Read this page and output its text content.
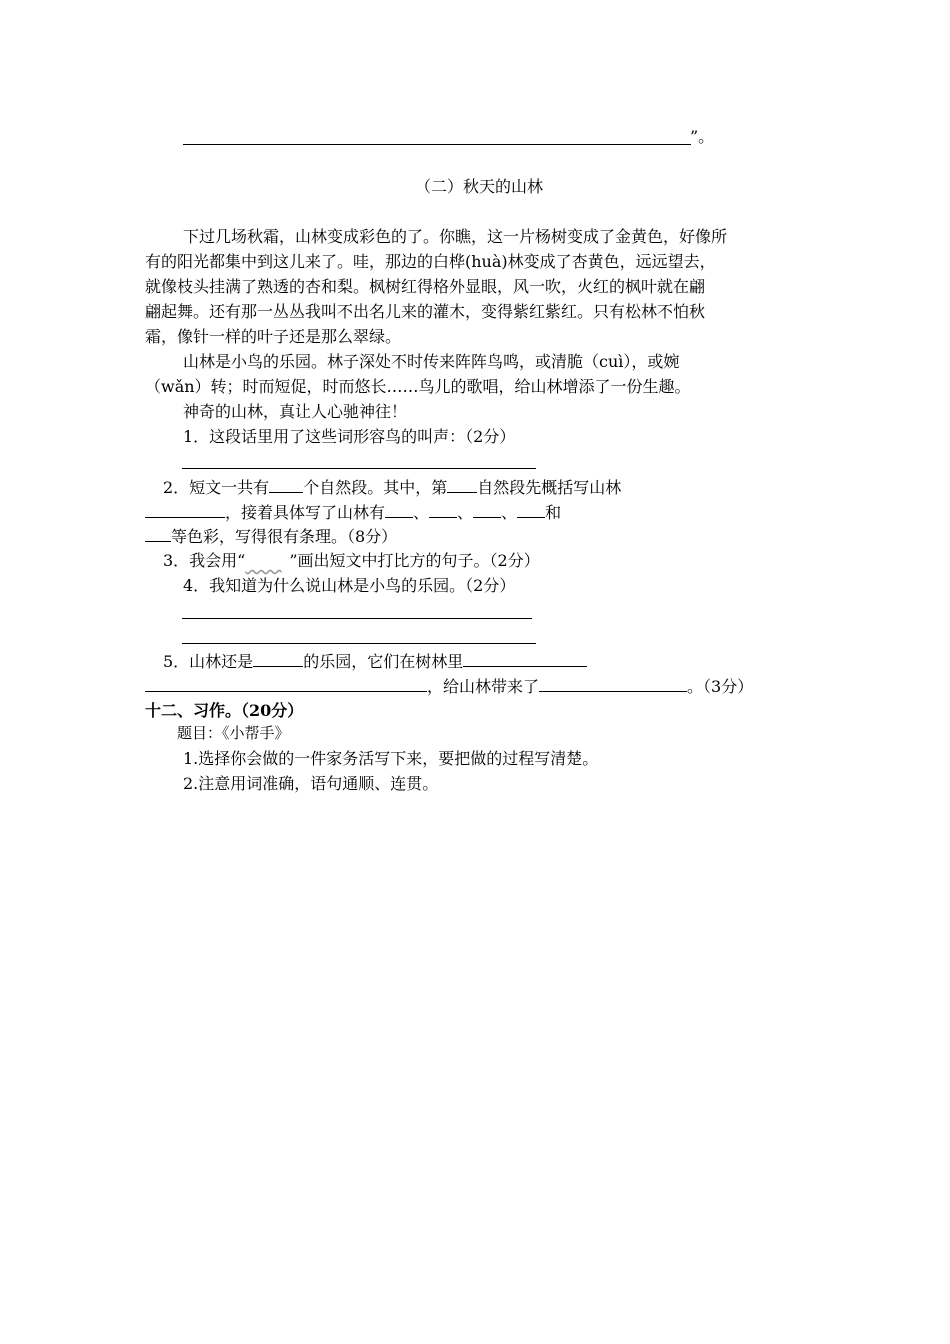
”。
（二）秋天的山林
下过几场秋霜，山林变成彩色的了。你瞧，这一片杨树变成了金黄色，好像所
有的阳光都集中到这儿来了。哇，那边的白桦(huà)林变成了杏黄色，远远望去，
就像枝头挂满了熟透的杏和梨。枫树红得格外显眼，风一吹，火红的枫叶就在翩
翩起舞。还有那一丛丛我叫不出名儿来的灌木，变得紫红紫红。只有松林不怕秋
霜，像针一样的叶子还是那么翠绿。
山林是小鸟的乐园。林子深处不时传来阵阵鸟鸣，或清脆（cuì），或婉
（wǎn）转；时而短促，时而悠长……鸟儿的歌唱，给山林增添了一份生趣。
神奇的山林，真让人心驰神往！
1．这段话里用了这些词形容鸟的叫声：（2分）
2．短文一共有 个自然段。其中，第 自然段先概括写山林
，接着具体写了山林有 、 、 、 和
等色彩，写得很有条理。（8分）
3．我会用“	”画出短文中打比方的句子。（2分）
4．我知道为什么说山林是小鸟的乐园。（2分）
5．山林还是	的乐园，它们在树林里
，给山林带来了	。（3分）
十二、习作。（20分）
题目：《小帮手》
1.选择你会做的一件家务活写下来，要把做的过程写清楚。
2.注意用词准确，语句通顺、连贯。
